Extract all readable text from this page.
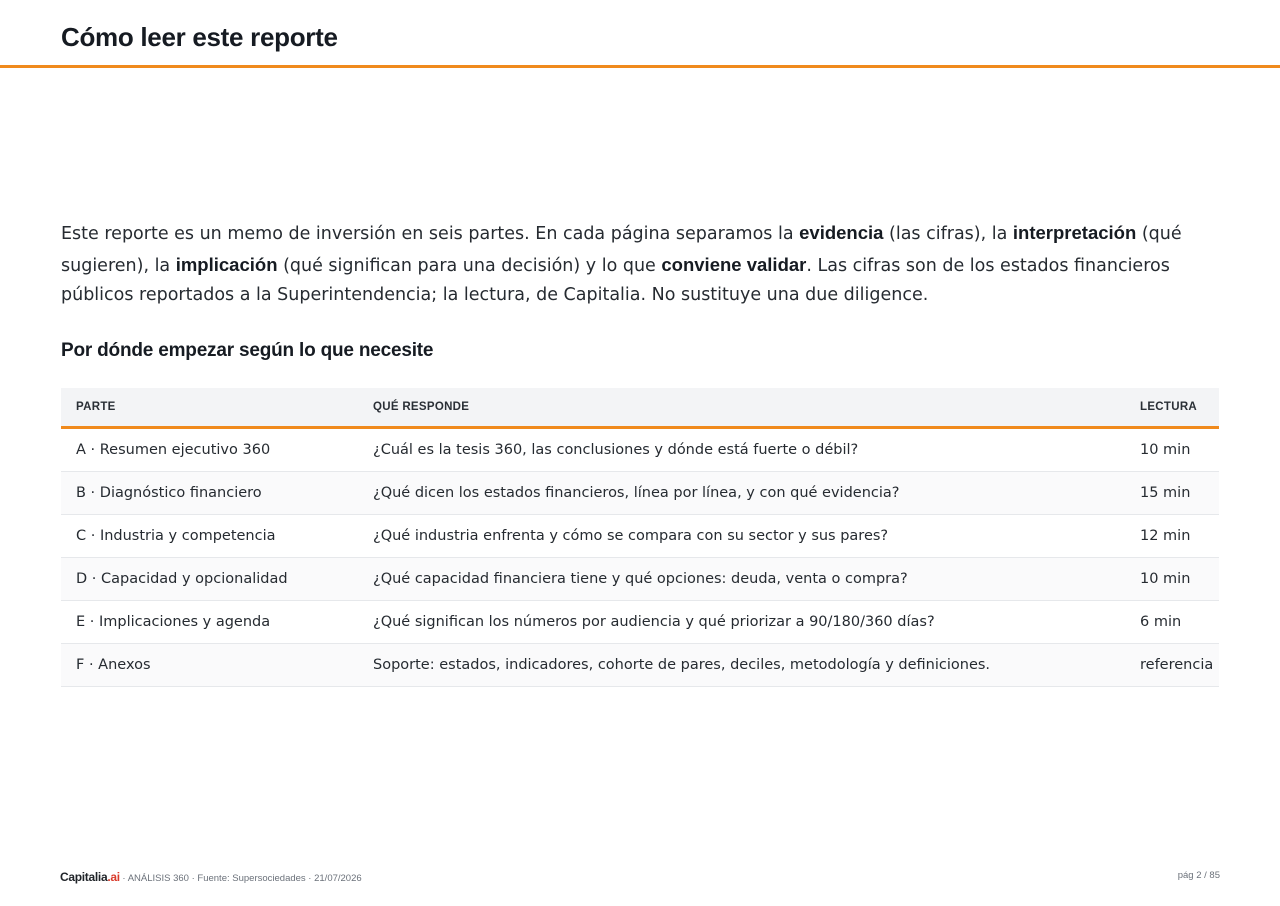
Cómo leer este reporte

Este reporte es un memo de inversión en seis partes. En cada página separamos la evidencia (las cifras), la interpretación (qué sugieren), la implicación (qué significan para una decisión) y lo que conviene validar. Las cifras son de los estados financieros públicos reportados a la Superintendencia; la lectura, de Capitalia. No sustituye una due diligence.

Por dónde empezar según lo que necesite
PARTE	QUÉ RESPONDE	LECTURA
A · Resumen ejecutivo 360	¿Cuál es la tesis 360, las conclusiones y dónde está fuerte o débil?	10 min
B · Diagnóstico financiero	¿Qué dicen los estados financieros, línea por línea, y con qué evidencia?	15 min
C · Industria y competencia	¿Qué industria enfrenta y cómo se compara con su sector y sus pares?	12 min
D · Capacidad y opcionalidad	¿Qué capacidad financiera tiene y qué opciones: deuda, venta o compra?	10 min
E · Implicaciones y agenda	¿Qué significan los números por audiencia y qué priorizar a 90/180/360 días?	6 min
F · Anexos	Soporte: estados, indicadores, cohorte de pares, deciles, metodología y definiciones.	referencia
Capitalia.ai · ANÁLISIS 360 · Fuente: Supersociedades · 21/07/2026	pág 2 / 85
